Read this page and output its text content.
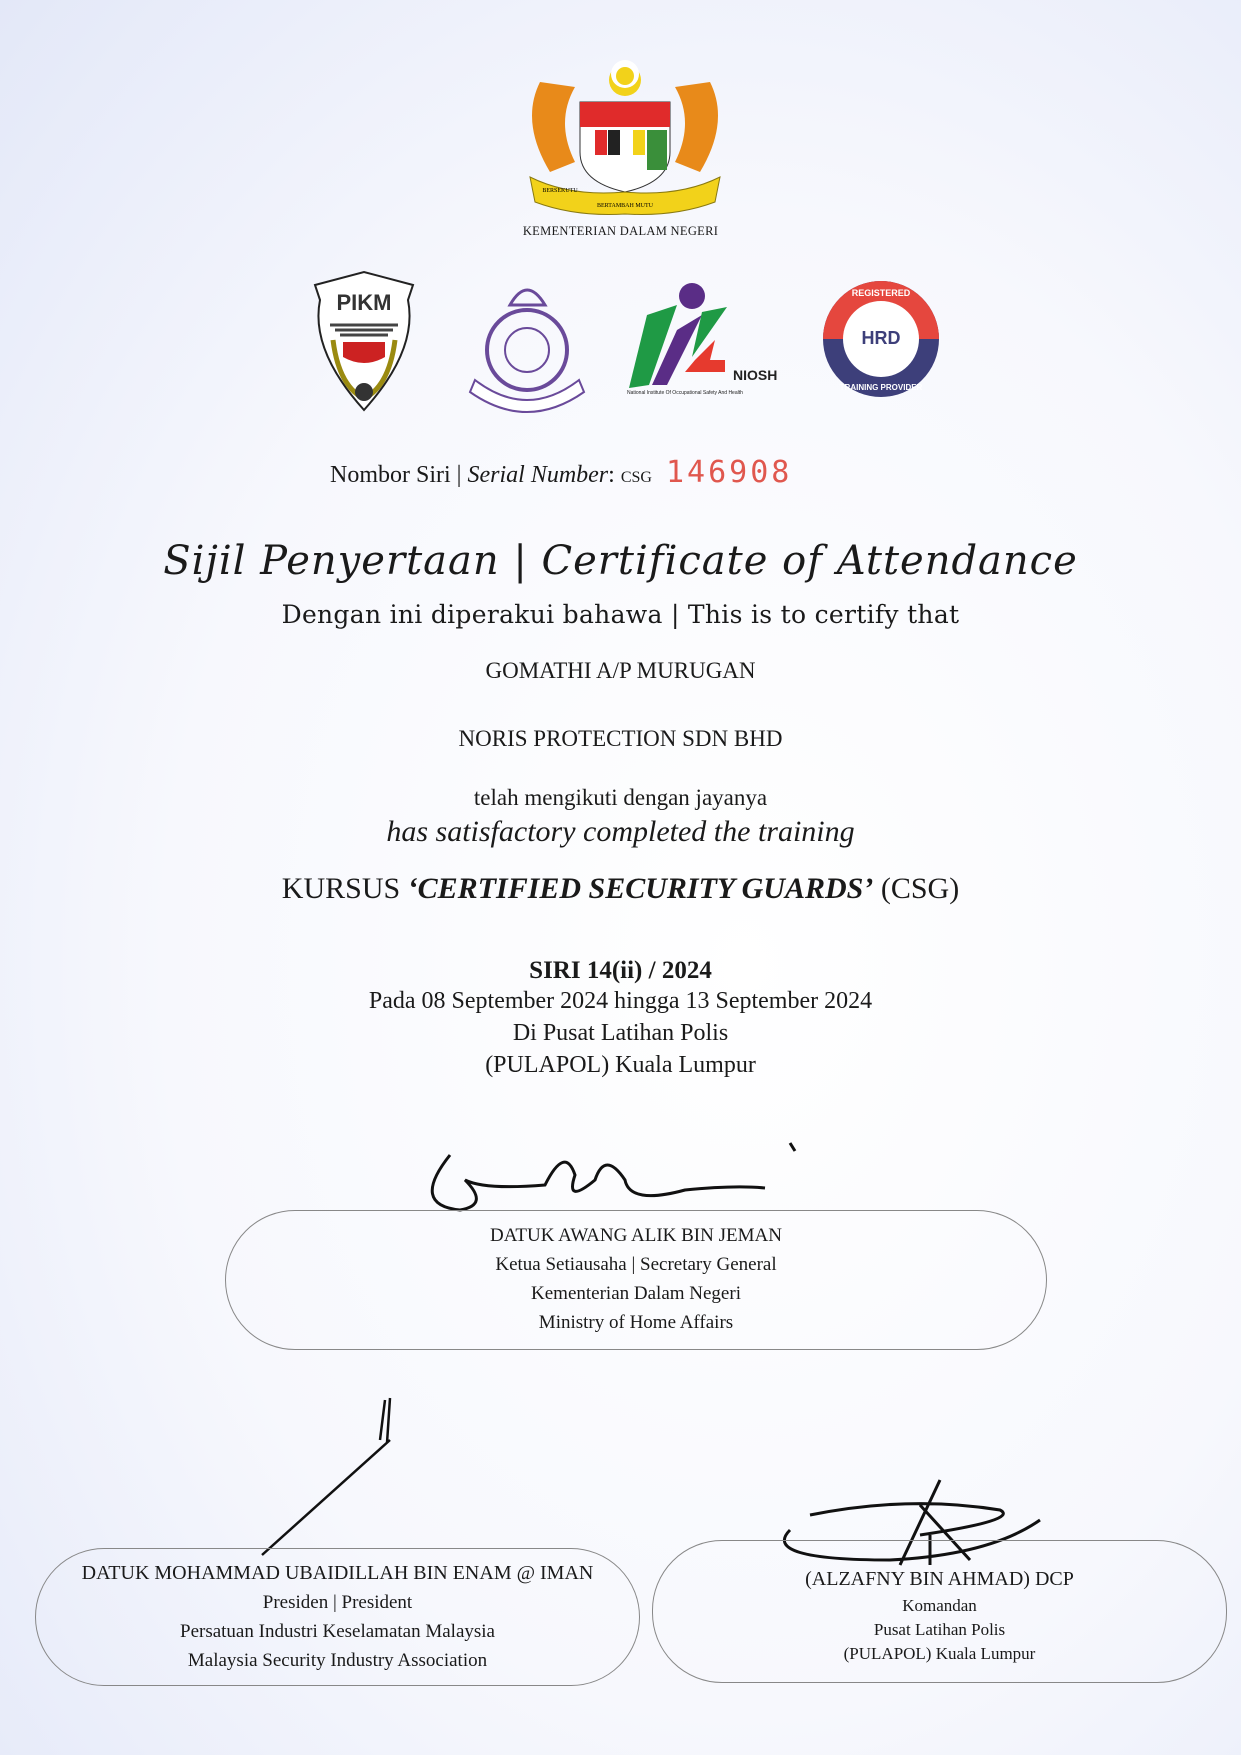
BERSEKUTU
BERTAMBAH MUTU
KEMENTERIAN DALAM NEGERI
PIKM
NIOSH
National Institute Of Occupational Safety And Health
HRD
REGISTERED
TRAINING PROVIDER
Nombor Siri | Serial Number: CSG 146908
Sijil Penyertaan | Certificate of Attendance
Dengan ini diperakui bahawa | This is to certify that
GOMATHI A/P MURUGAN
NORIS PROTECTION SDN BHD
telah mengikuti dengan jayanya
has satisfactory completed the training
KURSUS ‘CERTIFIED SECURITY GUARDS’ (CSG)
SIRI 14(ii) / 2024
Pada 08 September 2024 hingga 13 September 2024
Di Pusat Latihan Polis
(PULAPOL) Kuala Lumpur
DATUK AWANG ALIK BIN JEMAN
Ketua Setiausaha | Secretary General
Kementerian Dalam Negeri
Ministry of Home Affairs
DATUK MOHAMMAD UBAIDILLAH BIN ENAM @ IMAN
Presiden | President
Persatuan Industri Keselamatan Malaysia
Malaysia Security Industry Association
(ALZAFNY BIN AHMAD) DCP
Komandan
Pusat Latihan Polis
(PULAPOL) Kuala Lumpur
